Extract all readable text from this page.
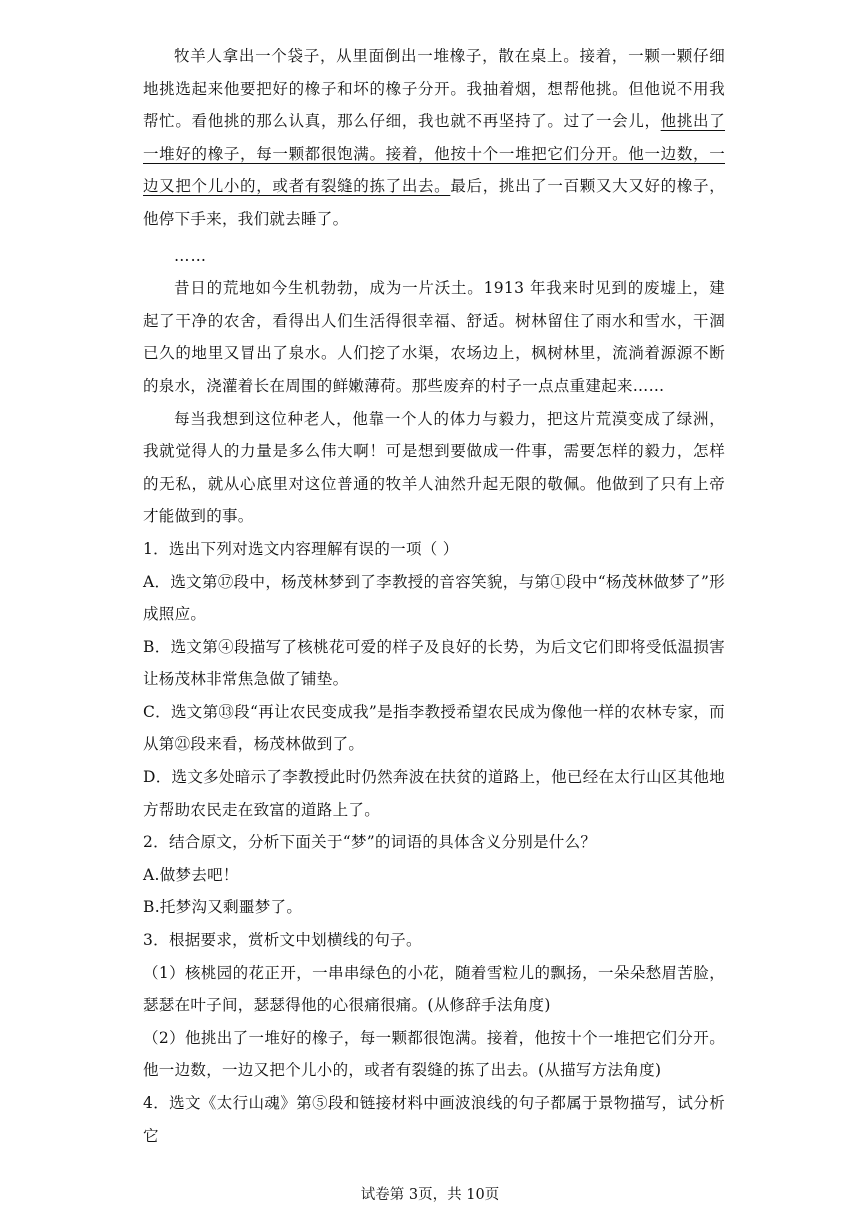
牧羊人拿出一个袋子，从里面倒出一堆橡子，散在桌上。接着，一颗一颗仔细地挑选起来他要把好的橡子和坏的橡子分开。我抽着烟，想帮他挑。但他说不用我帮忙。看他挑的那么认真，那么仔细，我也就不再坚持了。过了一会儿，他挑出了一堆好的橡子，每一颗都很饱满。接着，他按十个一堆把它们分开。他一边数，一边又把个儿小的，或者有裂缝的拣了出去。最后，挑出了一百颗又大又好的橡子，他停下手来，我们就去睡了。

……

昔日的荒地如今生机勃勃，成为一片沃土。1913 年我来时见到的废墟上，建起了干净的农舍，看得出人们生活得很幸福、舒适。树林留住了雨水和雪水，干涸已久的地里又冒出了泉水。人们挖了水渠，农场边上，枫树林里，流淌着源源不断的泉水，浇灌着长在周围的鲜嫩薄荷。那些废弃的村子一点点重建起来……

每当我想到这位种老人，他靠一个人的体力与毅力，把这片荒漠变成了绿洲，我就觉得人的力量是多么伟大啊！可是想到要做成一件事，需要怎样的毅力，怎样的无私，就从心底里对这位普通的牧羊人油然升起无限的敬佩。他做到了只有上帝才能做到的事。

1．选出下列对选文内容理解有误的一项（ ）

A．选文第⑰段中，杨茂林梦到了李教授的音容笑貌，与第①段中“杨茂林做梦了”形成照应。

B．选文第④段描写了核桃花可爱的样子及良好的长势，为后文它们即将受低温损害让杨茂林非常焦急做了铺垫。

C．选文第⑬段“再让农民变成我”是指李教授希望农民成为像他一样的农林专家，而从第㉑段来看，杨茂林做到了。

D．选文多处暗示了李教授此时仍然奔波在扶贫的道路上，他已经在太行山区其他地方帮助农民走在致富的道路上了。

2．结合原文，分析下面关于“梦”的词语的具体含义分别是什么？

A.做梦去吧！

B.托梦沟又剩噩梦了。

3．根据要求，赏析文中划横线的句子。

（1）核桃园的花正开，一串串绿色的小花，随着雪粒儿的飘扬，一朵朵愁眉苦脸，瑟瑟在叶子间，瑟瑟得他的心很痛很痛。(从修辞手法角度)

（2）他挑出了一堆好的橡子，每一颗都很饱满。接着，他按十个一堆把它们分开。他一边数，一边又把个儿小的，或者有裂缝的拣了出去。(从描写方法角度)

4．选文《太行山魂》第⑤段和链接材料中画波浪线的句子都属于景物描写，试分析它

试卷第 3页，共 10页
